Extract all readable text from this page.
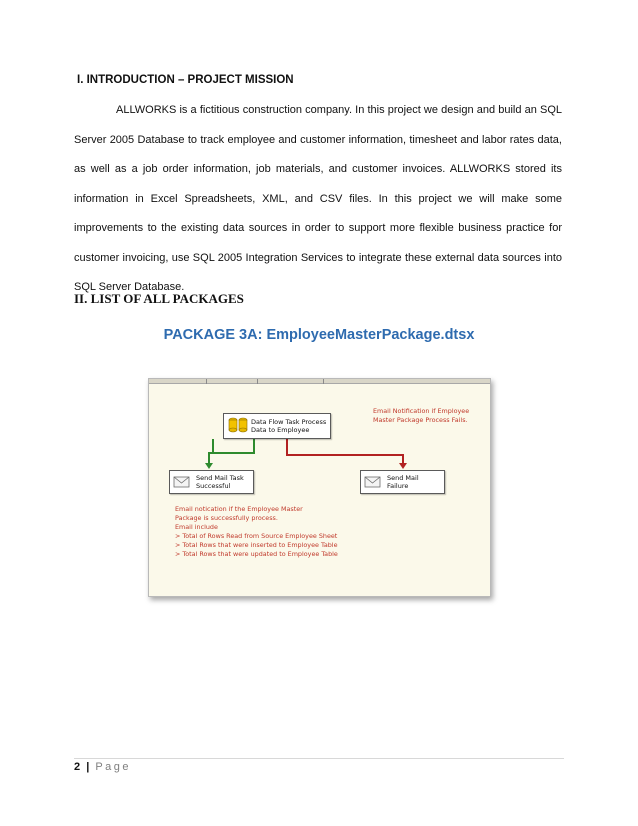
I. INTRODUCTION – PROJECT MISSION

ALLWORKS is a fictitious construction company. In this project we design and build an SQL Server 2005 Database to track employee and customer information, timesheet and labor rates data, as well as a job order information, job materials, and customer invoices. ALLWORKS stored its information in Excel Spreadsheets, XML, and CSV files. In this project we will make some improvements to the existing data sources in order to support more flexible business practice for customer invoicing, use SQL 2005 Integration Services to integrate these external data sources into SQL Server Database.

II. LIST OF ALL PACKAGES
PACKAGE 3A: EmployeeMasterPackage.dtsx
Data Flow Task Process
Data to Employee
Send Mail Task
Successful
Send Mail
Failure
Email Notification if Employee
Master Package Process Fails.
Email notication if the Employee Master
Package is successfully process.
Email include
> Total of Rows Read from Source Employee Sheet
> Total Rows that were inserted to Employee Table
> Total Rows that were updated to Employee Table
2 | Page
